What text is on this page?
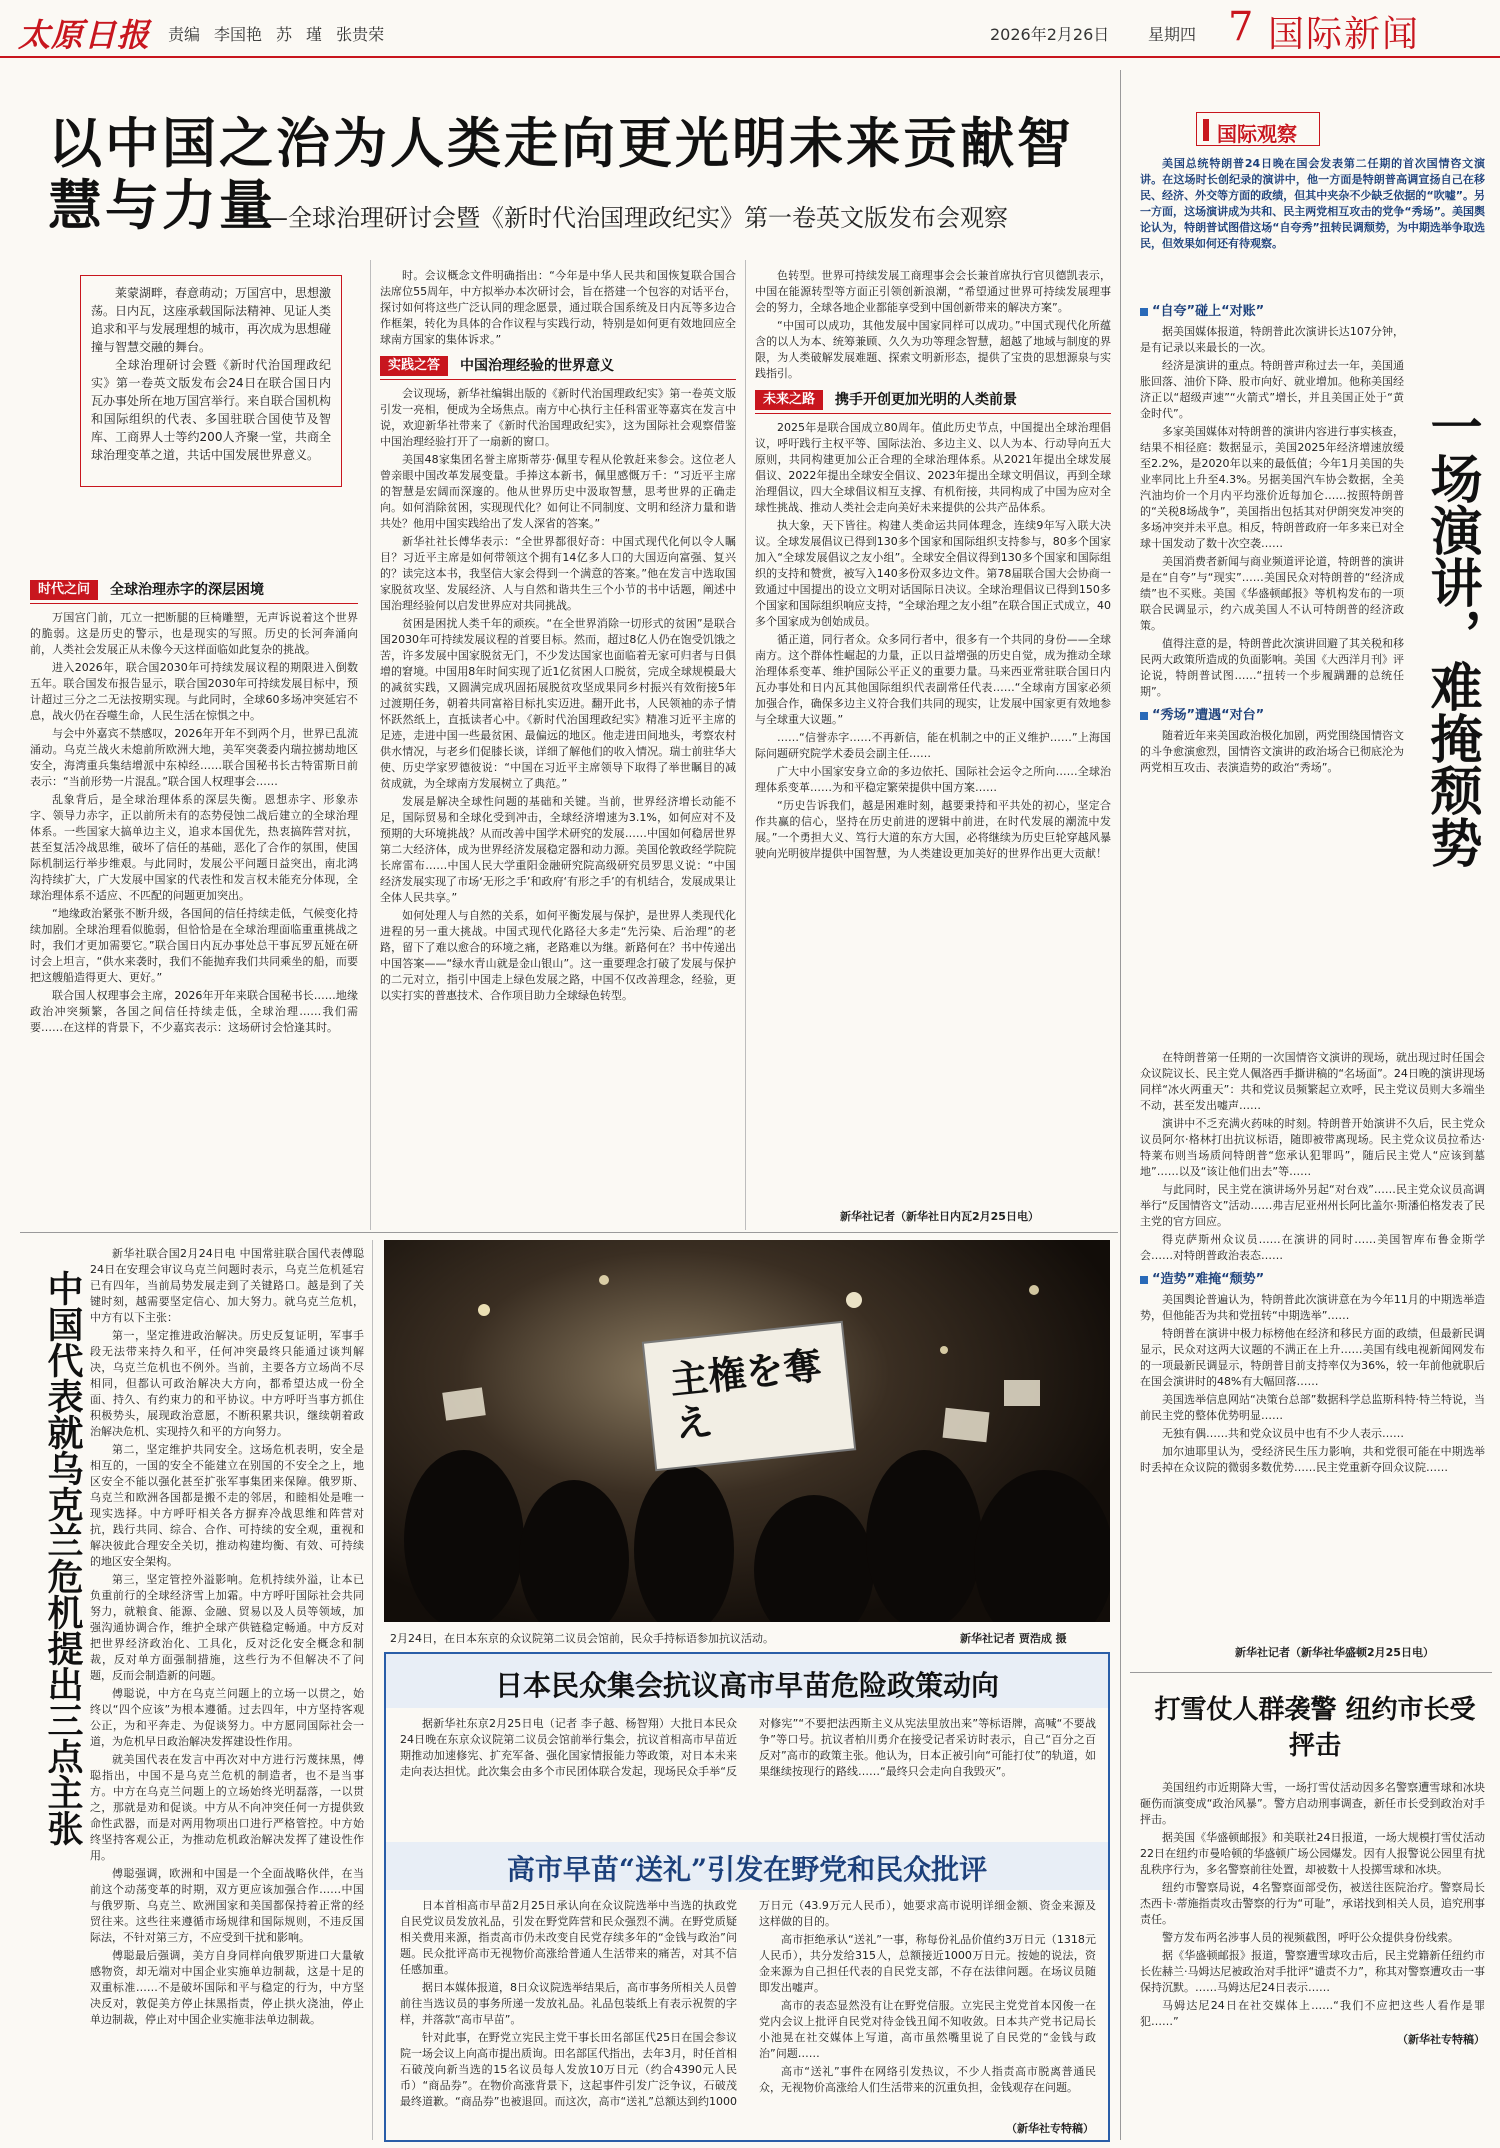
太原日报 责编 李国艳 苏 瑾 张贵荣	2026年2月26日 星期四 7 国际新闻
以中国之治为人类走向更光明未来贡献智慧与力量
——全球治理研讨会暨《新时代治国理政纪实》第一卷英文版发布会观察

莱蒙湖畔，春意萌动；万国宫中，思想激荡。日内瓦，这座承载国际法精神、见证人类追求和平与发展理想的城市，再次成为思想碰撞与智慧交融的舞台。

全球治理研讨会暨《新时代治国理政纪实》第一卷英文版发布会24日在联合国日内瓦办事处所在地万国宫举行。来自联合国机构和国际组织的代表、多国驻联合国使节及智库、工商界人士等约200人齐聚一堂，共商全球治理变革之道，共话中国发展世界意义。

时代之问	全球治理赤字的深层困境

万国宫门前，兀立一把断腿的巨椅雕塑，无声诉说着这个世界的脆弱。这是历史的警示，也是现实的写照。历史的长河奔涌向前，人类社会发展正从未像今天这样面临如此复杂的挑战。

进入2026年，联合国2030年可持续发展议程的期限进入倒数五年。联合国发布报告显示，联合国2030年可持续发展目标中，预计超过三分之二无法按期实现。与此同时，全球60多场冲突延宕不息，战火仍在吞噬生命，人民生活在惊惧之中。

与会中外嘉宾不禁感叹，2026年开年不到两个月，世界已乱流涌动。乌克兰战火未熄前所欧洲大地，美军突袭委内瑞拉掳劫地区安全，海湾重兵集结增派中东棹经……联合国秘书长古特雷斯日前表示：“当前形势一片混乱。”联合国人权理事会……

乱象背后，是全球治理体系的深层失衡。恩想赤字、形象赤字、领导力赤字，正以前所未有的态势侵蚀二战后建立的全球治理体系。一些国家大搞单边主义，追求本国优先，热衷搞阵营对抗，甚至复活冷战思维，破坏了信任的基础，恶化了合作的氛围，使国际机制运行举步维艰。与此同时，发展公平问题日益突出，南北鸿沟持续扩大，广大发展中国家的代表性和发言权未能充分体现，全球治理体系不适应、不匹配的问题更加突出。

“地缘政治紧张不断升级，各国间的信任持续走低，气候变化持续加剧。全球治理看似脆弱，但恰恰是在全球治理面临重重挑战之时，我们才更加需要它。”联合国日内瓦办事处总干事瓦罗瓦娅在研讨会上坦言，“供水来袭时，我们不能抛弃我们共同乘坐的船，而要把这艘船造得更大、更好。”

联合国人权理事会主席，2026年开年来联合国秘书长……地缘政治冲突频繁，各国之间信任持续走低，全球治理……我们需要……在这样的背景下，不少嘉宾表示：这场研讨会恰逢其时。

时。会议概念文件明确指出：“今年是中华人民共和国恢复联合国合法席位55周年，中方拟举办本次研讨会，旨在搭建一个包容的对话平台，探讨如何将这些广泛认同的理念愿景，通过联合国系统及日内瓦等多边合作框架，转化为具体的合作议程与实践行动，特别是如何更有效地回应全球南方国家的集体诉求。”

实践之答	中国治理经验的世界意义

会议现场，新华社编辑出版的《新时代治国理政纪实》第一卷英文版引发一亮相，便成为全场焦点。南方中心执行主任科雷亚等嘉宾在发言中说，欢迎新华社带来了《新时代治国理政纪实》，这为国际社会观察借鉴中国治理经验打开了一扇新的窗口。

美国48家集团名誉主席斯蒂芬·佩里专程从伦敦赶来参会。这位老人曾亲眼中国改革发展变量。手捧这本新书，佩里感慨万千：“习近平主席的智慧是宏阔而深邃的。他从世界历史中汲取智慧，思考世界的正确走向。如何消除贫困，实现现代化？如何让不同制度、文明和经济力量和谐共处？他用中国实践给出了发人深省的答案。”

新华社社长傅华表示：“全世界都很好奇：中国式现代化何以令人瞩目？习近平主席是如何带领这个拥有14亿多人口的大国迈向富强、复兴的？读完这本书，我坚信大家会得到一个满意的答案。”他在发言中选取国家脱贫攻坚、发展经济、人与自然和谐共生三个小节的书中话题，阐述中国治理经验何以启发世界应对共同挑战。

贫困是困扰人类千年的顽疾。“在全世界消除一切形式的贫困”是联合国2030年可持续发展议程的首要目标。然而，超过8亿人仍在饱受饥饿之苦，许多发展中国家脱贫无门，不少发达国家也面临着无家可归者与日俱增的窘境。中国用8年时间实现了近1亿贫困人口脱贫，完成全球规模最大的减贫实践，又圆满完成巩固拓展脱贫攻坚成果同乡村振兴有效衔接5年过渡期任务，朝着共同富裕目标扎实迈进。翻开此书，人民领袖的赤子情怀跃然纸上，直抵读者心中。《新时代治国理政纪实》精准习近平主席的足迹，走进中国一些最贫困、最偏远的地区。他走进田间地头，考察农村供水情况，与老乡们促膝长谈，详细了解他们的收入情况。瑞士前驻华大使、历史学家罗德彼说：“中国在习近平主席领导下取得了举世瞩目的减贫成就，为全球南方发展树立了典范。”

发展是解决全球性问题的基础和关键。当前，世界经济增长动能不足，国际贸易和全球化受到冲击，全球经济增速为3.1%，如何应对不及预期的大环境挑战？从而改善中国学术研究的发展……中国如何稳居世界第二大经济体，成为世界经济发展稳定器和动力源。美国伦敦政经学院院长席雷布……中国人民大学重阳金融研究院高级研究员罗思义说：“中国经济发展实现了市场‘无形之手’和政府‘有形之手’的有机结合，发展成果让全体人民共享。”

如何处理人与自然的关系，如何平衡发展与保护，是世界人类现代化进程的另一重大挑战。中国式现代化路径大多走“先污染、后治理”的老路，留下了难以愈合的环境之痛，老路难以为继。新路何在？书中传递出中国答案——“绿水青山就是金山银山”。这一重要理念打破了发展与保护的二元对立，指引中国走上绿色发展之路，中国不仅改善理念，经验，更以实打实的普惠技术、合作项目助力全球绿色转型。

色转型。世界可持续发展工商理事会会长兼首席执行官贝德凯表示，中国在能源转型等方面正引领创新浪潮，“希望通过世界可持续发展理事会的努力，全球各地企业都能享受到中国创新带来的解决方案”。

“中国可以成功，其他发展中国家同样可以成功。”中国式现代化所蕴含的以人为本、统筹兼顾、久久为功等理念智慧，超越了地域与制度的界限，为人类破解发展难题、探索文明新形态，提供了宝贵的思想源泉与实践指引。

未来之路	携手开创更加光明的人类前景

2025年是联合国成立80周年。值此历史节点，中国提出全球治理倡议，呼吁践行主权平等、国际法治、多边主义、以人为本、行动导向五大原则，共同构建更加公正合理的全球治理体系。从2021年提出全球发展倡议、2022年提出全球安全倡议、2023年提出全球文明倡议，再到全球治理倡议，四大全球倡议相互支撑、有机衔接，共同构成了中国为应对全球性挑战、推动人类社会走向美好未来提供的公共产品体系。

执大象，天下皆往。构建人类命运共同体理念，连续9年写入联大决议。全球发展倡议已得到130多个国家和国际组织支持参与，80多个国家加入“全球发展倡议之友小组”。全球安全倡议得到130多个国家和国际组织的支持和赞赏，被写入140多份双多边文件。第78届联合国大会协商一致通过中国提出的设立文明对话国际日决议。全球治理倡议已得到150多个国家和国际组织响应支持，“全球治理之友小组”在联合国正式成立，40多个国家成为创始成员。

循正道，同行者众。众多同行者中，很多有一个共同的身份——全球南方。这个群体性崛起的力量，正以日益增强的历史自觉，成为推动全球治理体系变革、维护国际公平正义的重要力量。马来西亚常驻联合国日内瓦办事处和日内瓦其他国际组织代表副常任代表……“全球南方国家必须加强合作，确保多边主义符合我们共同的现实，让发展中国家更有效地参与全球重大议题。”

……“信誉赤字……不再新信，能在机制之中的正义维护……”上海国际问题研究院学术委员会副主任……

广大中小国家安身立命的多边依托、国际社会运令之所向……全球治理体系变革……为和平稳定繁荣提供中国方案……

“历史告诉我们，越是困难时刻，越要秉持和平共处的初心，坚定合作共赢的信心，坚持在历史前进的逻辑中前进，在时代发展的潮流中发展。”一个勇担大义、笃行大道的东方大国，必将继续为历史巨轮穿越风暴驶向光明彼岸提供中国智慧，为人类建设更加美好的世界作出更大贡献！

新华社记者（新华社日内瓦2月25日电）
中国代表就乌克兰危机提出三点主张

新华社联合国2月24日电 中国常驻联合国代表傅聪24日在安理会审议乌克兰问题时表示，乌克兰危机延宕已有四年，当前局势发展走到了关键路口。越是到了关键时刻，越需要坚定信心、加大努力。就乌克兰危机，中方有以下主张：

第一，坚定推进政治解决。历史反复证明，军事手段无法带来持久和平，任何冲突最终只能通过谈判解决，乌克兰危机也不例外。当前，主要各方立场尚不尽相同，但都认可政治解决大方向，都希望达成一份全面、持久、有约束力的和平协议。中方呼吁当事方抓住积极势头，展现政治意愿，不断积累共识，继续朝着政治解决危机、实现持久和平的方向努力。

第二，坚定维护共同安全。这场危机表明，安全是相互的，一国的安全不能建立在别国的不安全之上，地区安全不能以强化甚至扩张军事集团来保障。俄罗斯、乌克兰和欧洲各国都是搬不走的邻居，和睦相处是唯一现实选择。中方呼吁相关各方摒弃冷战思维和阵营对抗，践行共同、综合、合作、可持续的安全观，重视和解决彼此合理安全关切，推动构建均衡、有效、可持续的地区安全架构。

第三，坚定管控外溢影响。危机持续外溢，让本已负重前行的全球经济雪上加霜。中方呼吁国际社会共同努力，就粮食、能源、金融、贸易以及人员等领域，加强沟通协调合作，维护全球产供链稳定畅通。中方反对把世界经济政治化、工具化，反对泛化安全概念和制裁，反对单方面强制措施，这些行为不但解决不了问题，反而会制造新的问题。

傅聪说，中方在乌克兰问题上的立场一以贯之，始终以“四个应该”为根本遵循。过去四年，中方坚持客观公正，为和平奔走、为促谈努力。中方愿同国际社会一道，为危机早日政治解决发挥建设性作用。

就美国代表在发言中再次对中方进行污蔑抹黑，傅聪指出，中国不是乌克兰危机的制造者，也不是当事方。中方在乌克兰问题上的立场始终光明磊落，一以贯之，那就是劝和促谈。中方从不向冲突任何一方提供致命性武器，而是对两用物项出口进行严格管控。中方始终坚持客观公正，为推动危机政治解决发挥了建设性作用。

傅聪强调，欧洲和中国是一个全面战略伙伴，在当前这个动荡变革的时期，双方更应该加强合作……中国与俄罗斯、乌克兰、欧洲国家和美国都保持着正常的经贸往来。这些往来遵循市场规律和国际规则，不违反国际法，不针对第三方，不应受到干扰和影响。

傅聪最后强调，美方自身同样向俄罗斯进口大量敏感物资，却无端对中国企业实施单边制裁，这是十足的双重标准……不是破坏国际和平与稳定的行为，中方坚决反对，敦促美方停止抹黑指责，停止拱火浇油，停止单边制裁，停止对中国企业实施非法单边制裁。

主権を奪え
2月24日，在日本东京的众议院第二议员会馆前，民众手持标语参加抗议活动。	新华社记者 贾浩成 摄
日本民众集会抗议高市早苗危险政策动向

据新华社东京2月25日电（记者 李子越、杨智翔）大批日本民众24日晚在东京众议院第二议员会馆前举行集会，抗议首相高市早苗近期推动加速修宪、扩充军备、强化国家情报能力等政策，对日本未来走向表达担忧。此次集会由多个市民团体联合发起，现场民众手举“反对修宪”“不要把法西斯主义从宪法里放出来”等标语牌，高喊“不要战争”等口号。抗议者柏川勇介在接受记者采访时表示，自己“百分之百反对”高市的政策主张。他认为，日本正被引向“可能打仗”的轨道，如果继续按现行的路线……“最终只会走向自我毁灭”。

高市早苗“送礼”引发在野党和民众批评

日本首相高市早苗2月25日承认向在众议院选举中当选的执政党自民党议员发放礼品，引发在野党阵营和民众强烈不满。在野党质疑相关费用来源，指责高市仍未改变自民党存续多年的“金钱与政治”问题。民众批评高市无视物价高涨给普通人生活带来的痛苦，对其不信任感加重。

据日本媒体报道，8日众议院选举结果后，高市事务所相关人员曾前往当选议员的事务所递一发放礼品。礼品包装纸上有表示祝贺的字样，并落款“高市早苗”。

针对此事，在野党立宪民主党干事长田名部匡代25日在国会参议院一场会议上向高市提出质询。田名部匡代指出，去年3月，时任首相石破茂向新当选的15名议员每人发放10万日元（约合4390元人民币）“商品券”。在物价高涨背景下，这起事件引发广泛争议，石破茂最终道歉。“商品券”也被退回。而这次，高市“送礼”总额达到约1000万日元（43.9万元人民币），她要求高市说明详细金额、资金来源及这样做的目的。

高市拒绝承认“送礼”一事，称每份礼品价值约3万日元（1318元人民币），共分发给315人，总额接近1000万日元。按她的说法，资金来源为自己担任代表的自民党支部，不存在法律问题。在场议员随即发出嘘声。

高市的表态显然没有让在野党信服。立宪民主党党首本冈俊一在党内会议上批评自民党对待金钱丑闻不知收敛。日本共产党书记局长小池晃在社交媒体上写道，高市虽然嘴里说了自民党的“金钱与政治”问题……

高市“送礼”事件在网络引发热议，不少人指责高市脱离普通民众，无视物价高涨给人们生活带来的沉重负担，金钱观存在问题。

（新华社专特稿）
国际观察
美国总统特朗普24日晚在国会发表第二任期的首次国情咨文演讲。在这场时长创纪录的演讲中，他一方面是特朗普高调宣扬自己在移民、经济、外交等方面的政绩，但其中夹杂不少缺乏依据的“吹嘘”。另一方面，这场演讲成为共和、民主两党相互攻击的党争“秀场”。美国舆论认为，特朗普试图借这场“自夸秀”扭转民调颓势，为中期选举争取选民，但效果如何还有待观察。
一场演讲，难掩颓势
“自夸”碰上“对账”

据美国媒体报道，特朗普此次演讲长达107分钟，是有记录以来最长的一次。

经济是演讲的重点。特朗普声称过去一年，美国通胀回落、油价下降、股市向好、就业增加。他称美国经济正以“超级声速”“火箭式”增长，并且美国正处于“黄金时代”。

多家美国媒体对特朗普的演讲内容进行事实核查，结果不相径庭：数据显示，美国2025年经济增速放缓至2.2%，是2020年以来的最低值；今年1月美国的失业率同比上升至4.3%。另据美国汽车协会数据，全美汽油均价一个月内平均涨价近每加仑……按照特朗普的“关税8场战争”，美国指出包括其对伊朗突发冲突的多场冲突并未平息。相反，特朗普政府一年多来已对全球十国发动了数十次空袭……

美国消费者新闻与商业频道评论道，特朗普的演讲是在“自夸”与“现实”……美国民众对特朗普的“经济成绩”也不买账。美国《华盛顿邮报》等机构发布的一项联合民调显示，约六成美国人不认可特朗普的经济政策。

值得注意的是，特朗普此次演讲回避了其关税和移民两大政策所造成的负面影响。美国《大西洋月刊》评论说，特朗普试图……“扭转一个步履蹒跚的总统任期”。

“秀场”遭遇“对台”

随着近年来美国政治极化加剧，两党围绕国情咨文的斗争愈演愈烈，国情咨文演讲的政治场合已彻底沦为两党相互攻击、表演造势的政治“秀场”。

在特朗普第一任期的一次国情咨文演讲的现场，就出现过时任国会众议院议长、民主党人佩洛西手撕讲稿的“名场面”。24日晚的演讲现场同样“冰火两重天”：共和党议员频繁起立欢呼，民主党议员则大多端坐不动，甚至发出嘘声……

演讲中不乏充满火药味的时刻。特朗普开始演讲不久后，民主党众议员阿尔·格林打出抗议标语，随即被带离现场。民主党众议员拉希达·特莱布则当场质问特朗普“您承认犯罪吗”，随后民主党人“应该到墓地”……以及“该让他们出去”等……

与此同时，民主党在演讲场外另起“对台戏”……民主党众议员高调举行“反国情咨文”活动……弗吉尼亚州州长阿比盖尔·斯潘伯格发表了民主党的官方回应。

得克萨斯州众议员……在演讲的同时……美国智库布鲁金斯学会……对特朗普政治表态……

“造势”难掩“颓势”

美国舆论普遍认为，特朗普此次演讲意在为今年11月的中期选举造势，但他能否为共和党扭转“中期选举”……

特朗普在演讲中极力标榜他在经济和移民方面的政绩，但最新民调显示，民众对这两大议题的不满正在上升……美国有线电视新闻网发布的一项最新民调显示，特朗普目前支持率仅为36%，较一年前他就职后在国会演讲时的48%有大幅回落……

美国选举信息网站“决策台总部”数据科学总监斯科特·特兰特说，当前民主党的整体优势明显……

无独有偶……共和党众议员中也有不少人表示……

加尔迪耶里认为，受经济民生压力影响，共和党很可能在中期选举时丢掉在众议院的微弱多数优势……民主党重新夺回众议院……

新华社记者（新华社华盛顿2月25日电）
打雪仗人群袭警 纽约市长受抨击

美国纽约市近期降大雪，一场打雪仗活动因多名警察遭雪球和冰块砸伤而演变成“政治风暴”。警方启动刑事调查，新任市长受到政治对手抨击。

据美国《华盛顿邮报》和美联社24日报道，一场大规模打雪仗活动22日在纽约市曼哈顿的华盛顿广场公园爆发。因有人报警说公园里有扰乱秩序行为，多名警察前往处置，却被数十人投掷雪球和冰块。

纽约市警察局说，4名警察面部受伤，被送往医院治疗。警察局长杰西卡·蒂施指责攻击警察的行为“可耻”，承诺找到相关人员，追究刑事责任。

警方发布两名涉事人员的视频截图，呼吁公众提供身份线索。

据《华盛顿邮报》报道，警察遭雪球攻击后，民主党籍新任纽约市长佐赫兰·马姆达尼被政治对手批评“谴责不力”，称其对警察遭攻击一事保持沉默。……马姆达尼24日表示……

马姆达尼24日在社交媒体上……“我们不应把这些人看作是罪犯……”

（新华社专特稿）
